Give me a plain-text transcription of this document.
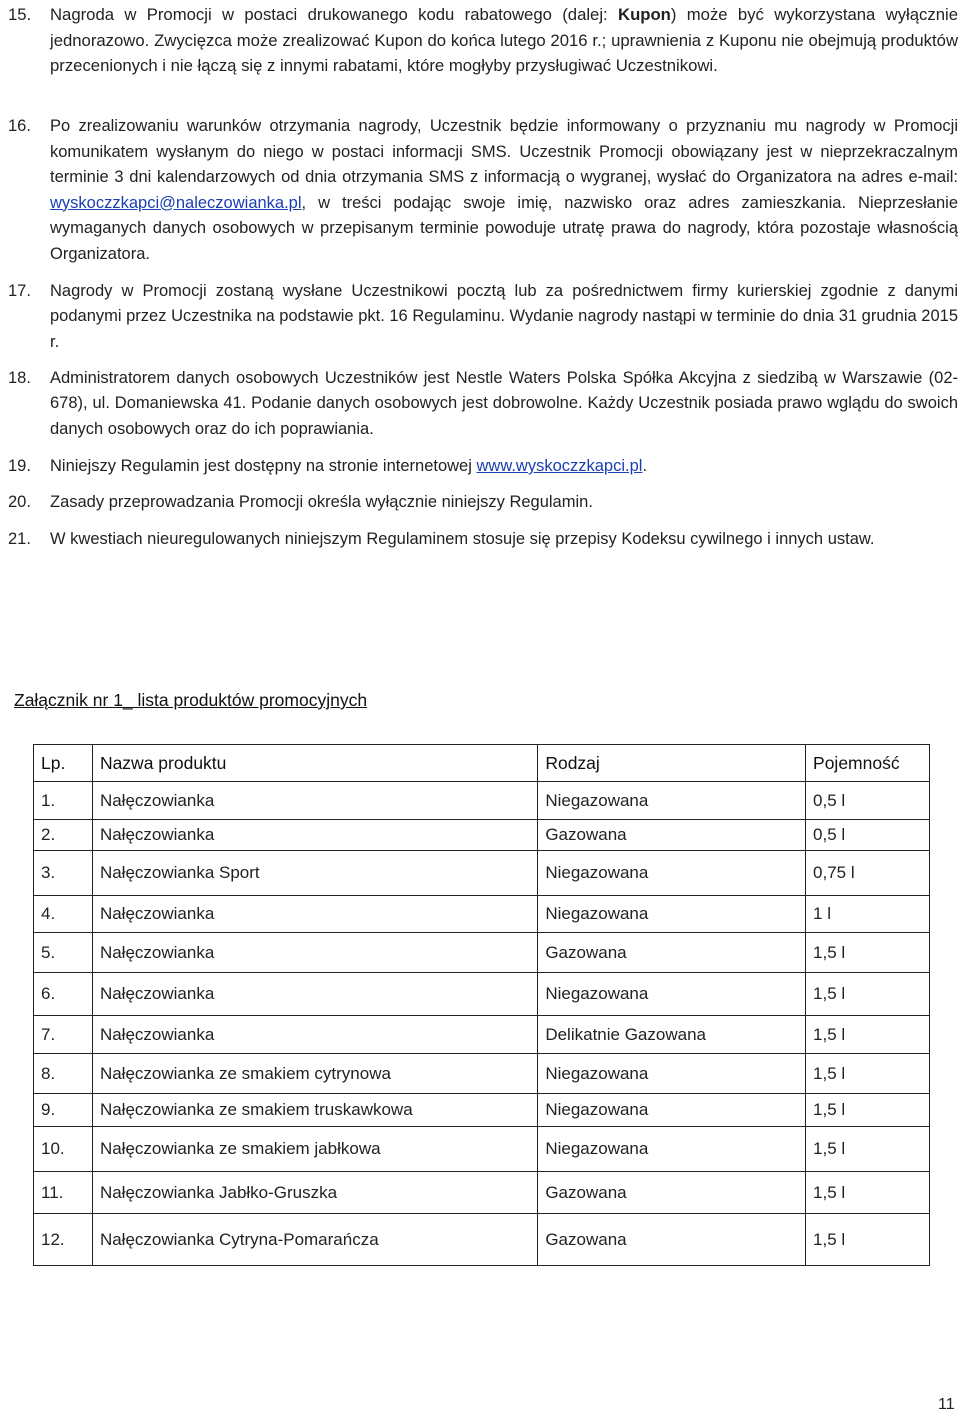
15. Nagroda w Promocji w postaci drukowanego kodu rabatowego (dalej: Kupon) może być wykorzystana wyłącznie jednorazowo. Zwycięzca może zrealizować Kupon do końca lutego 2016 r.; uprawnienia z Kuponu nie obejmują produktów przecenionych i nie łączą się z innymi rabatami, które mogłyby przysługiwać Uczestnikowi.

16. Po zrealizowaniu warunków otrzymania nagrody, Uczestnik będzie informowany o przyznaniu mu nagrody w Promocji komunikatem wysłanym do niego w postaci informacji SMS. Uczestnik Promocji obowiązany jest w nieprzekraczalnym terminie 3 dni kalendarzowych od dnia otrzymania SMS z informacją o wygranej, wysłać do Organizatora na adres e-mail: wyskoczzkapci@naleczowianka.pl, w treści podając swoje imię, nazwisko oraz adres zamieszkania. Nieprzesłanie wymaganych danych osobowych w przepisanym terminie powoduje utratę prawa do nagrody, która pozostaje własnością Organizatora.

17. Nagrody w Promocji zostaną wysłane Uczestnikowi pocztą lub za pośrednictwem firmy kurierskiej zgodnie z danymi podanymi przez Uczestnika na podstawie pkt. 16 Regulaminu. Wydanie nagrody nastąpi w terminie do dnia 31 grudnia 2015 r.

18. Administratorem danych osobowych Uczestników jest Nestle Waters Polska Spółka Akcyjna z siedzibą w Warszawie (02-678), ul. Domaniewska 41. Podanie danych osobowych jest dobrowolne. Każdy Uczestnik posiada prawo wglądu do swoich danych osobowych oraz do ich poprawiania.

19. Niniejszy Regulamin jest dostępny na stronie internetowej www.wyskoczzkapci.pl.

20. Zasady przeprowadzania Promocji określa wyłącznie niniejszy Regulamin.

21. W kwestiach nieuregulowanych niniejszym Regulaminem stosuje się przepisy Kodeksu cywilnego i innych ustaw.

Załącznik nr 1_ lista produktów promocyjnych
Lp.	Nazwa produktu	Rodzaj	Pojemność
1.	Nałęczowianka	Niegazowana	0,5 l
2.	Nałęczowianka	Gazowana	0,5 l
3.	Nałęczowianka Sport	Niegazowana	0,75 l
4.	Nałęczowianka	Niegazowana	1 l
5.	Nałęczowianka	Gazowana	1,5 l
6.	Nałęczowianka	Niegazowana	1,5 l
7.	Nałęczowianka	Delikatnie Gazowana	1,5 l
8.	Nałęczowianka ze smakiem cytrynowa	Niegazowana	1,5 l
9.	Nałęczowianka ze smakiem truskawkowa	Niegazowana	1,5 l
10.	Nałęczowianka ze smakiem jabłkowa	Niegazowana	1,5 l
11.	Nałęczowianka Jabłko-Gruszka	Gazowana	1,5 l
12.	Nałęczowianka Cytryna-Pomarańcza	Gazowana	1,5 l
11
